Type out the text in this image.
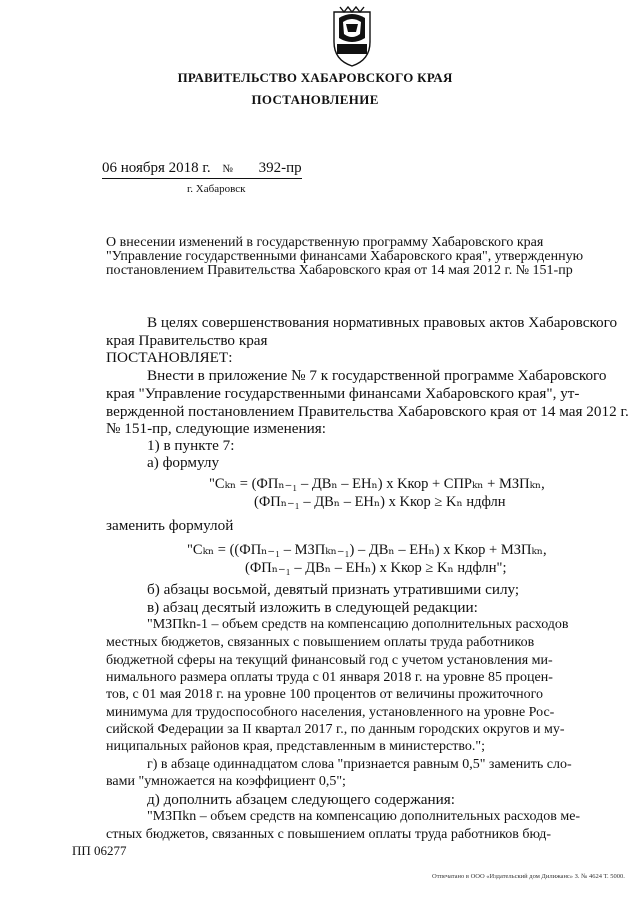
ПРАВИТЕЛЬСТВО ХАБАРОВСКОГО КРАЯ
ПОСТАНОВЛЕНИЕ
06 ноября 2018 г. № 392-пр
г. Хабаровск
О внесении изменений в государственную программу Хабаровского края
"Управление государственными финансами Хабаровского края", утвержденную
постановлением Правительства Хабаровского края от 14 мая 2012 г. № 151-пр
В целях совершенствования нормативных правовых актов Хабаровского
края Правительство края
ПОСТАНОВЛЯЕТ:
Внести в приложение № 7 к государственной программе Хабаровского
края "Управление государственными финансами Хабаровского края", ут-
вержденной постановлением Правительства Хабаровского края от 14 мая 2012 г.
№ 151-пр, следующие изменения:
1) в пункте 7:
а) формулу
"Cₖₙ = (ФПₙ₋₁ – ДВₙ – ЕНₙ) x Kкор + СПРₖₙ + МЗПₖₙ,
(ФПₙ₋₁ – ДВₙ – ЕНₙ) x Kкор ≥ Kₙ ндфлн
заменить формулой
"Cₖₙ = ((ФПₙ₋₁ – МЗПₖₙ₋₁) – ДВₙ – ЕНₙ) x Kкор + МЗПₖₙ,
(ФПₙ₋₁ – ДВₙ – ЕНₙ) x Kкор ≥ Kₙ ндфлн";
б) абзацы восьмой, девятый признать утратившими силу;
в) абзац десятый изложить в следующей редакции:
"МЗПkn-1 – объем средств на компенсацию дополнительных расходов
местных бюджетов, связанных с повышением оплаты труда работников
бюджетной сферы на текущий финансовый год с учетом установления ми-
нимального размера оплаты труда с 01 января 2018 г. на уровне 85 процен-
тов, с 01 мая 2018 г. на уровне 100 процентов от величины прожиточного
минимума для трудоспособного населения, установленного на уровне Рос-
сийской Федерации за II квартал 2017 г., по данным городских округов и му-
ниципальных районов края, представленным в министерство.";
г) в абзаце одиннадцатом слова "признается равным 0,5" заменить сло-
вами "умножается на коэффициент 0,5";
д) дополнить абзацем следующего содержания:
"МЗПkn – объем средств на компенсацию дополнительных расходов ме-
стных бюджетов, связанных с повышением оплаты труда работников бюд-
ПП 06277
Отпечатано в ООО «Издательский дом Дилижанс» З. № 4624 Т. 5000.
